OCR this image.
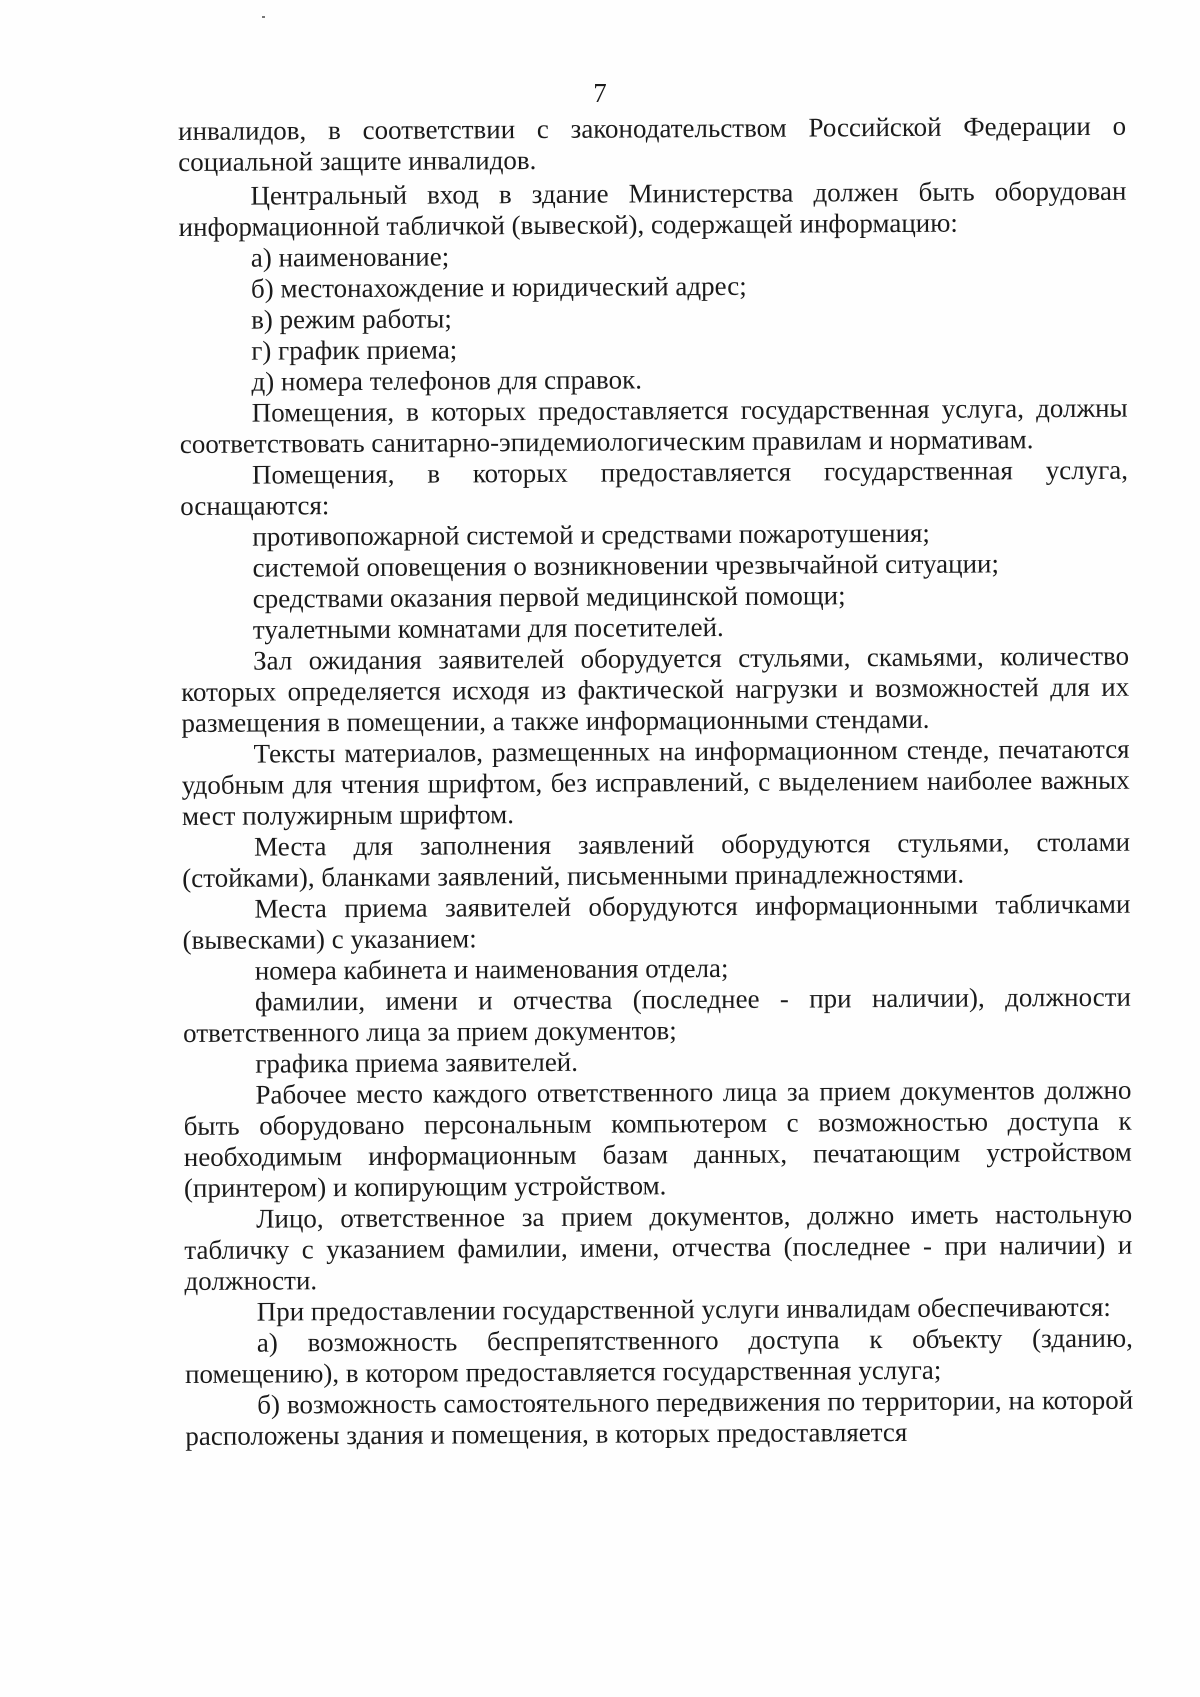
7

инвалидов, в соответствии с законодательством Российской Федерации о социальной защите инвалидов.

Центральный вход в здание Министерства должен быть оборудован информационной табличкой (вывеской), содержащей информацию:

а) наименование;

б) местонахождение и юридический адрес;

в) режим работы;

г) график приема;

д) номера телефонов для справок.

Помещения, в которых предоставляется государственная услуга, должны соответствовать санитарно-эпидемиологическим правилам и нормативам.

Помещения, в которых предоставляется государственная услуга, оснащаются:

противопожарной системой и средствами пожаротушения;

системой оповещения о возникновении чрезвычайной ситуации;

средствами оказания первой медицинской помощи;

туалетными комнатами для посетителей.

Зал ожидания заявителей оборудуется стульями, скамьями, количество которых определяется исходя из фактической нагрузки и возможностей для их размещения в помещении, а также информационными стендами.

Тексты материалов, размещенных на информационном стенде, печатаются удобным для чтения шрифтом, без исправлений, с выделением наиболее важных мест полужирным шрифтом.

Места для заполнения заявлений оборудуются стульями, столами (стойками), бланками заявлений, письменными принадлежностями.

Места приема заявителей оборудуются информационными табличками (вывесками) с указанием:

номера кабинета и наименования отдела;

фамилии, имени и отчества (последнее - при наличии), должности ответственного лица за прием документов;

графика приема заявителей.

Рабочее место каждого ответственного лица за прием документов должно быть оборудовано персональным компьютером с возможностью доступа к необходимым информационным базам данных, печатающим устройством (принтером) и копирующим устройством.

Лицо, ответственное за прием документов, должно иметь настольную табличку с указанием фамилии, имени, отчества (последнее - при наличии) и должности.

При предоставлении государственной услуги инвалидам обеспечиваются:

а) возможность беспрепятственного доступа к объекту (зданию, помещению), в котором предоставляется государственная услуга;

б) возможность самостоятельного передвижения по территории, на которой расположены здания и помещения, в которых предоставляется
